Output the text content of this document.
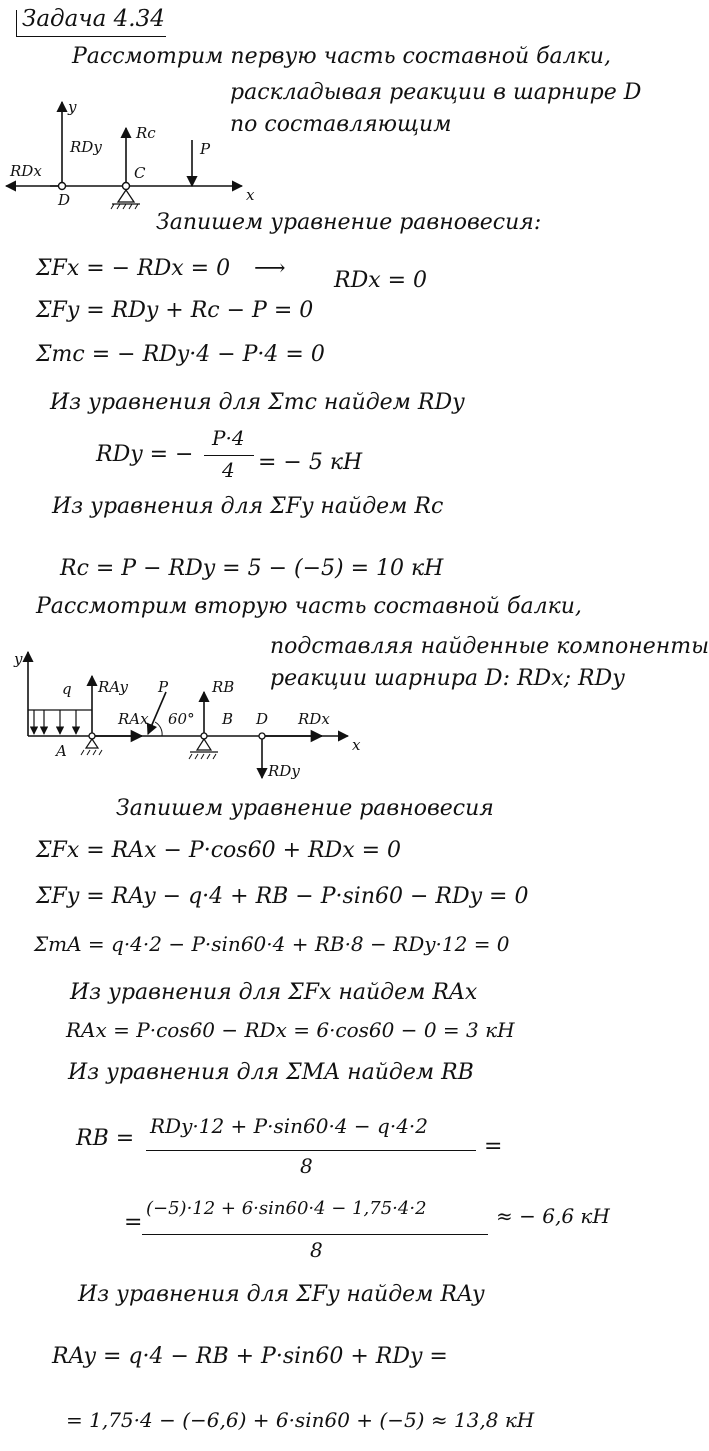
Задача 4.34
Рассмотрим первую часть составной балки,
раскладывая реакции в шарнире D
по составляющим
y
RDy
RDx
Rc
P
D
C
x
Запишем уравнение равновесия:
ΣFx = − RDx = 0 ⟶ RDx = 0
ΣFy = RDy + Rc − P = 0
Σmc = − RDy·4 − P·4 = 0
Из уравнения для Σmc найдем RDy
RDy = −
P·4
4 = − 5 кН
Из уравнения для ΣFy найдем Rc
Rc = P − RDy = 5 − (−5) = 10 кН
Рассмотрим вторую часть составной балки,
подставляя найденные компоненты
реакции шарнира D: RDx; RDy
y
q RAy P	RB
RAx 60° B D RDx
x
A
RDy
Запишем уравнение равновесия
ΣFx = RAx − P·cos60 + RDx = 0
ΣFy = RAy − q·4 + RB − P·sin60 − RDy = 0
ΣmA = q·4·2 − P·sin60·4 + RB·8 − RDy·12 = 0
Из уравнения для ΣFx найдем RAx
RAx = P·cos60 − RDx = 6·cos60 − 0 = 3 кН
Из уравнения для ΣMA найдем RB
RB = RDy·12 + P·sin60·4 − q·4·2
8
=
=
(−5)·12 + 6·sin60·4 − 1,75·4·2
8
≈ − 6,6 кН
Из уравнения для ΣFy найдем RAy
RAy = q·4 − RB + P·sin60 + RDy =
= 1,75·4 − (−6,6) + 6·sin60 + (−5) ≈ 13,8 кН
